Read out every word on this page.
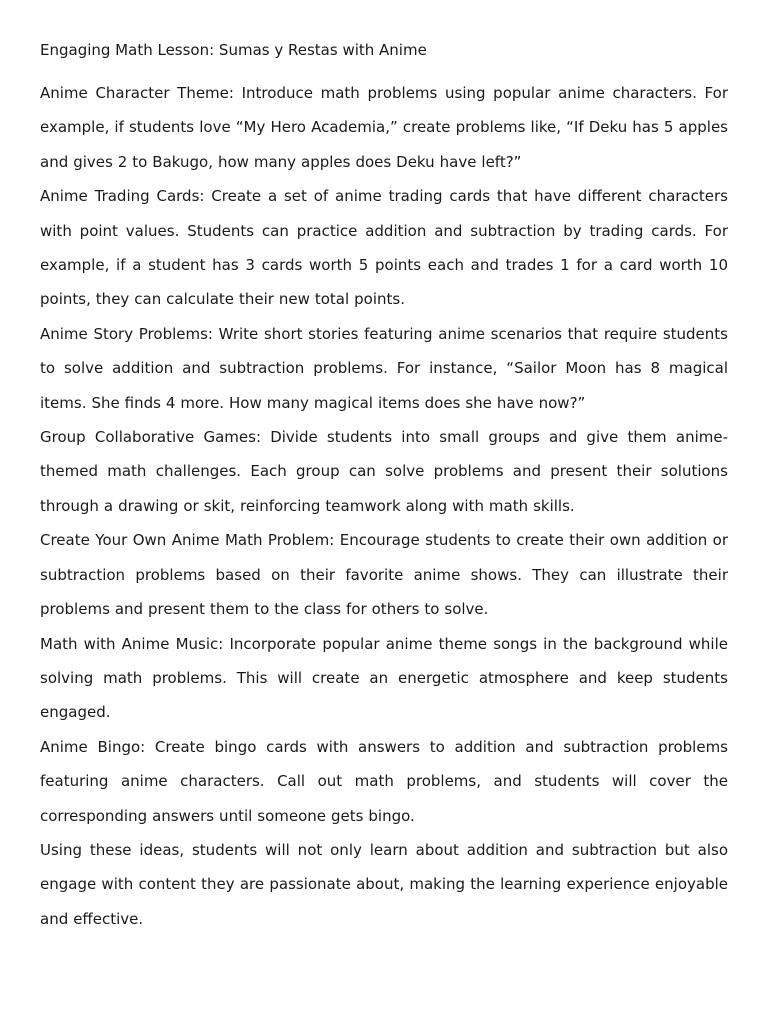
Engaging Math Lesson: Sumas y Restas with Anime

Anime Character Theme: Introduce math problems using popular anime characters. For example, if students love “My Hero Academia,” create problems like, “If Deku has 5 apples and gives 2 to Bakugo, how many apples does Deku have left?”

Anime Trading Cards: Create a set of anime trading cards that have different characters with point values. Students can practice addition and subtraction by trading cards. For example, if a student has 3 cards worth 5 points each and trades 1 for a card worth 10 points, they can calculate their new total points.

Anime Story Problems: Write short stories featuring anime scenarios that require students to solve addition and subtraction problems. For instance, “Sailor Moon has 8 magical items. She finds 4 more. How many magical items does she have now?”

Group Collaborative Games: Divide students into small groups and give them anime-themed math challenges. Each group can solve problems and present their solutions through a drawing or skit, reinforcing teamwork along with math skills.

Create Your Own Anime Math Problem: Encourage students to create their own addition or subtraction problems based on their favorite anime shows. They can illustrate their problems and present them to the class for others to solve.

Math with Anime Music: Incorporate popular anime theme songs in the background while solving math problems. This will create an energetic atmosphere and keep students engaged.

Anime Bingo: Create bingo cards with answers to addition and subtraction problems featuring anime characters. Call out math problems, and students will cover the corresponding answers until someone gets bingo.

Using these ideas, students will not only learn about addition and subtraction but also engage with content they are passionate about, making the learning experience enjoyable and effective.
